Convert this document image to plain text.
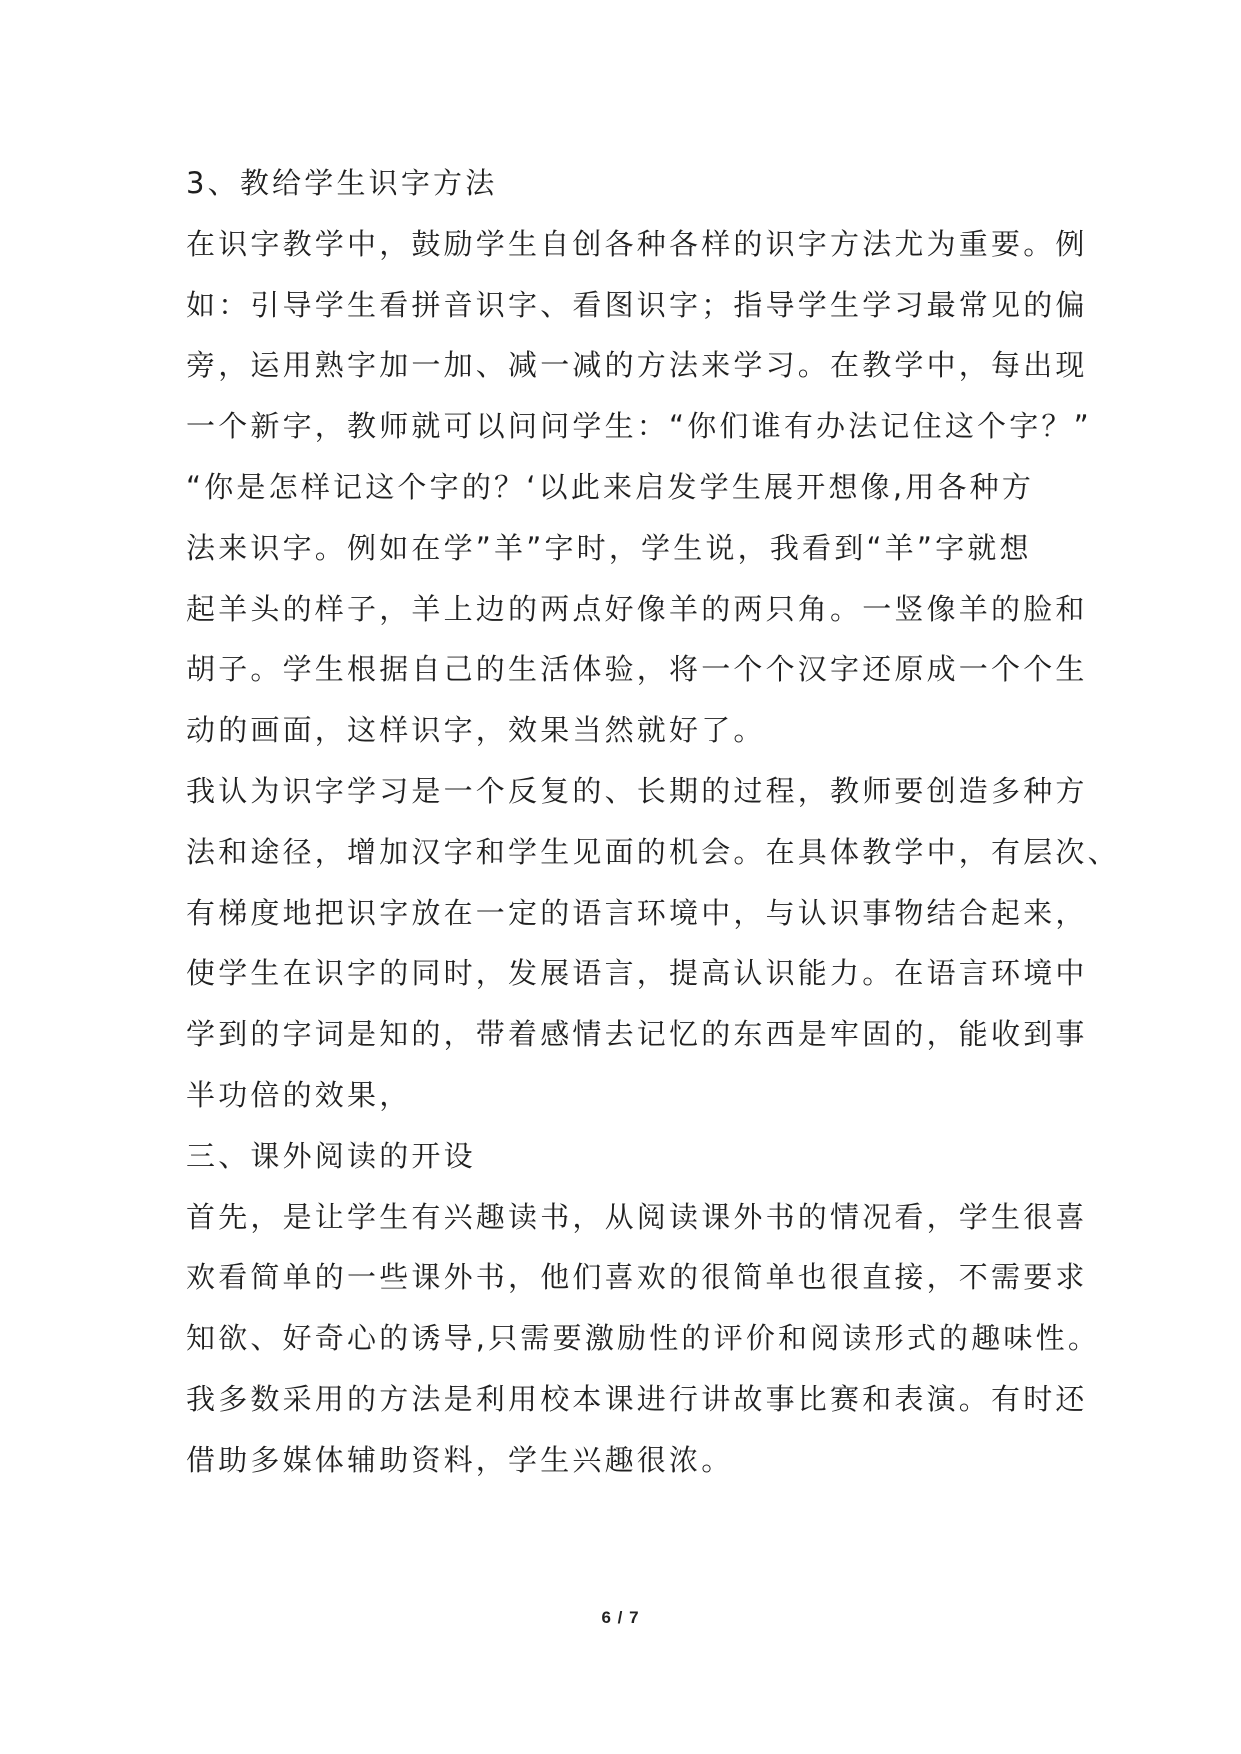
3、教给学生识字方法
在识字教学中，鼓励学生自创各种各样的识字方法尤为重要。例
如：引导学生看拼音识字、看图识字；指导学生学习最常见的偏
旁，运用熟字加一加、减一减的方法来学习。在教学中，每出现
一个新字，教师就可以问问学生：“你们谁有办法记住这个字？”
“你是怎样记这个字的？‘以此来启发学生展开想像,用各种方
法来识字。例如在学”羊”字时，学生说，我看到“羊”字就想
起羊头的样子，羊上边的两点好像羊的两只角。一竖像羊的脸和
胡子。学生根据自己的生活体验，将一个个汉字还原成一个个生
动的画面，这样识字，效果当然就好了。
我认为识字学习是一个反复的、长期的过程，教师要创造多种方
法和途径，增加汉字和学生见面的机会。在具体教学中，有层次、
有梯度地把识字放在一定的语言环境中，与认识事物结合起来，
使学生在识字的同时，发展语言，提高认识能力。在语言环境中
学到的字词是知的，带着感情去记忆的东西是牢固的，能收到事
半功倍的效果，
三、课外阅读的开设
首先，是让学生有兴趣读书，从阅读课外书的情况看，学生很喜
欢看简单的一些课外书，他们喜欢的很简单也很直接，不需要求
知欲、好奇心的诱导,只需要激励性的评价和阅读形式的趣味性。
我多数采用的方法是利用校本课进行讲故事比赛和表演。有时还
借助多媒体辅助资料，学生兴趣很浓。
6 / 7
